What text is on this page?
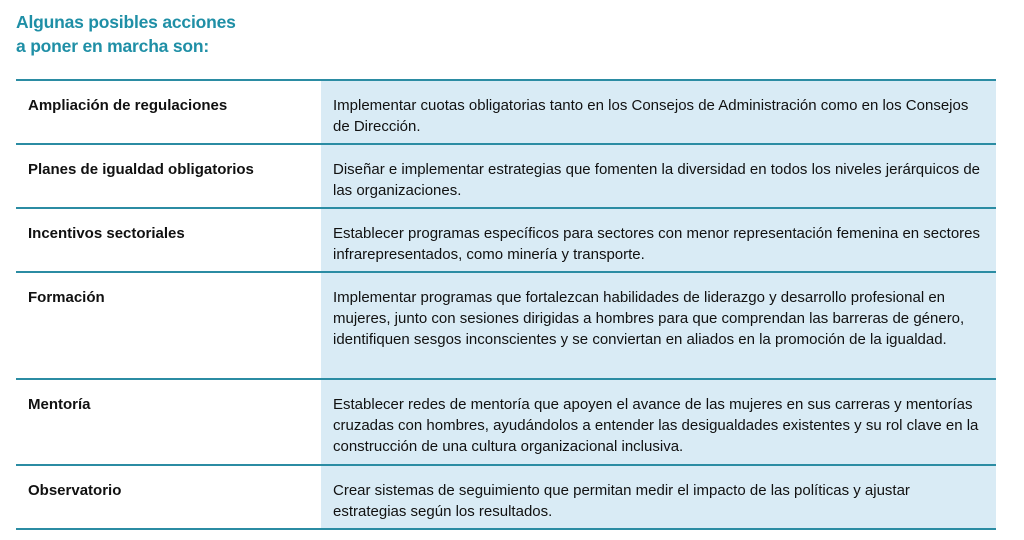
Algunas posibles acciones
a poner en marcha son:
Ampliación de regulaciones	Implementar cuotas obligatorias tanto en los Consejos de Administración como en los Consejos de Dirección.
Planes de igualdad obligatorios	Diseñar e implementar estrategias que fomenten la diversidad en todos los niveles jerárquicos de las organizaciones.
Incentivos sectoriales	Establecer programas específicos para sectores con menor representación femenina en sectores infrarepresentados, como minería y transporte.
Formación	Implementar programas que fortalezcan habilidades de liderazgo y desarrollo profesional en mujeres, junto con sesiones dirigidas a hombres para que comprendan las barreras de género, identifiquen sesgos inconscientes y se conviertan en aliados en la promoción de la igualdad.
Mentoría	Establecer redes de mentoría que apoyen el avance de las mujeres en sus carreras y mentorías cruzadas con hombres, ayudándolos a entender las desigualdades existentes y su rol clave en la construcción de una cultura organizacional inclusiva.
Observatorio	Crear sistemas de seguimiento que permitan medir el impacto de las políticas y ajustar estrategias según los resultados.
